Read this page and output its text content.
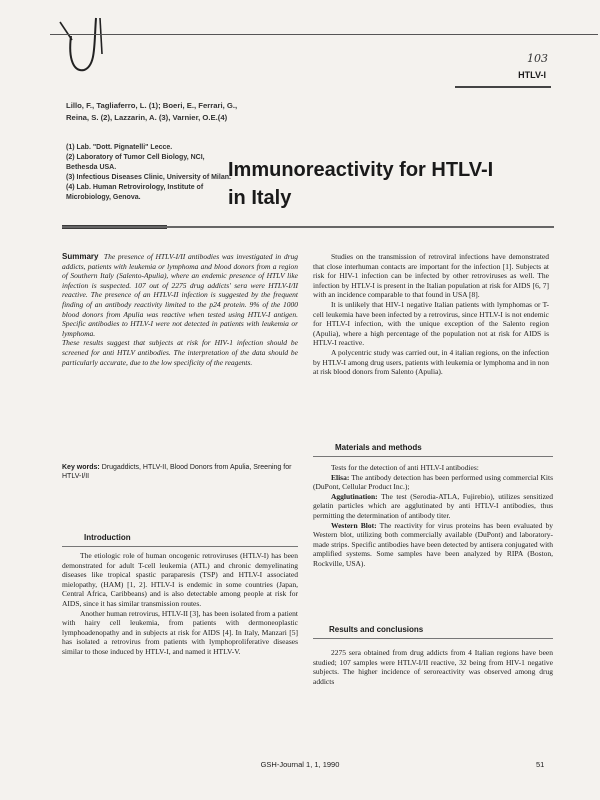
103
HTLV-I
Lillo, F., Tagliaferro, L. (1); Boeri, E., Ferrari, G., Reina, S. (2), Lazzarin, A. (3), Varnier, O.E.(4)
(1) Lab. "Dott. Pignatelli" Lecce.
(2) Laboratory of Tumor Cell Biology, NCI, Bethesda USA.
(3) Infectious Diseases Clinic, University of Milan.
(4) Lab. Human Retrovirology, Institute of Microbiology, Genova.
Immunoreactivity for HTLV-I
in Italy

Summary The presence of HTLV-I/II antibodies was investigated in drug addicts, patients with leukemia or lymphoma and blood donors from a region of Southern Italy (Salento-Apulia), where an endemic presence of HTLV like infection is suspected. 107 out of 2275 drug addicts' sera were HTLV-I/II reactive. The presence of an HTLV-II infection is suggested by the frequent finding of an antibody reactivity limited to the p24 protein. 9% of the 1000 blood donors from Apulia was reactive when tested using HTLV-I antigen. Specific antibodies to HTLV-I were not detected in patients with leukemia or lymphoma.

These results suggest that subjects at risk for HIV-1 infection should be screened for anti HTLV antibodies. The interpretation of the data should be particularly accurate, due to the low specificity of the reagents.

Key words: Drugaddicts, HTLV-II, Blood Donors from Apulia, Sreening for HTLV-I/II
Introduction

The etiologic role of human oncogenic retroviruses (HTLV-I) has been demonstrated for adult T-cell leukemia (ATL) and chronic demyelinating diseases like tropical spastic paraparesis (TSP) and HTLV-I associated mielopathy, (HAM) [1, 2]. HTLV-I is endemic in some countries (Japan, Central Africa, Caribbeans) and is also detectable among people at risk for AIDS, since it has similar transmission routes.

Another human retrovirus, HTLV-II [3], has been isolated from a patient with hairy cell leukemia, from patients with dermoneoplastic lymphoadenopathy and in subjects at risk for AIDS [4]. In Italy, Manzari [5] has isolated a retrovirus from patients with lymphoproliferative diseases similar to those induced by HTLV-I, and named it HTLV-V.

Studies on the transmission of retroviral infections have demonstrated that close interhuman contacts are important for the infection [1]. Subjects at risk for HIV-1 infection can be infected by other retroviruses as well. The infection by HTLV-I is present in the Italian population at risk for AIDS [6, 7] with an incidence comparable to that found in USA [8].

It is unlikely that HIV-1 negative Italian patients with lymphomas or T-cell leukemia have been infected by a retrovirus, since HTLV-I is not endemic for HTLV-I infection, with the unique exception of the Salento region (Apulia), where a high percentage of the population not at risk for AIDS is HTLV-I reactive.

A polycentric study was carried out, in 4 italian regions, on the infection by HTLV-I among drug users, patients with leukemia or lymphoma and in non at risk blood donors from Salento (Apulia).

Materials and methods

Tests for the detection of anti HTLV-I antibodies:

Elisa: The antibody detection has been performed using commercial Kits (DuPont, Cellular Product Inc.);

Agglutination: The test (Serodia-ATLA, Fujirebio), utilizes sensitized gelatin particles which are agglutinated by anti HTLV-I antibodies, thus permitting the determination of antibody titer.

Western Blot: The reactivity for virus proteins has been evaluated by Western blot, utilizing both commercially available (DuPont) and laboratory-made strips. Specific antibodies have been detected by antisera conjugated with amplified systems. Some samples have been analyzed by RIPA (Boston, Rockville, USA).

Results and conclusions

2275 sera obtained from drug addicts from 4 Italian regions have been studied; 107 samples were HTLV-I/II reactive, 32 being from HIV-1 negative subjects. The higher incidence of seroreactivity was observed among drug addicts

GSH-Journal 1, 1, 1990	51
